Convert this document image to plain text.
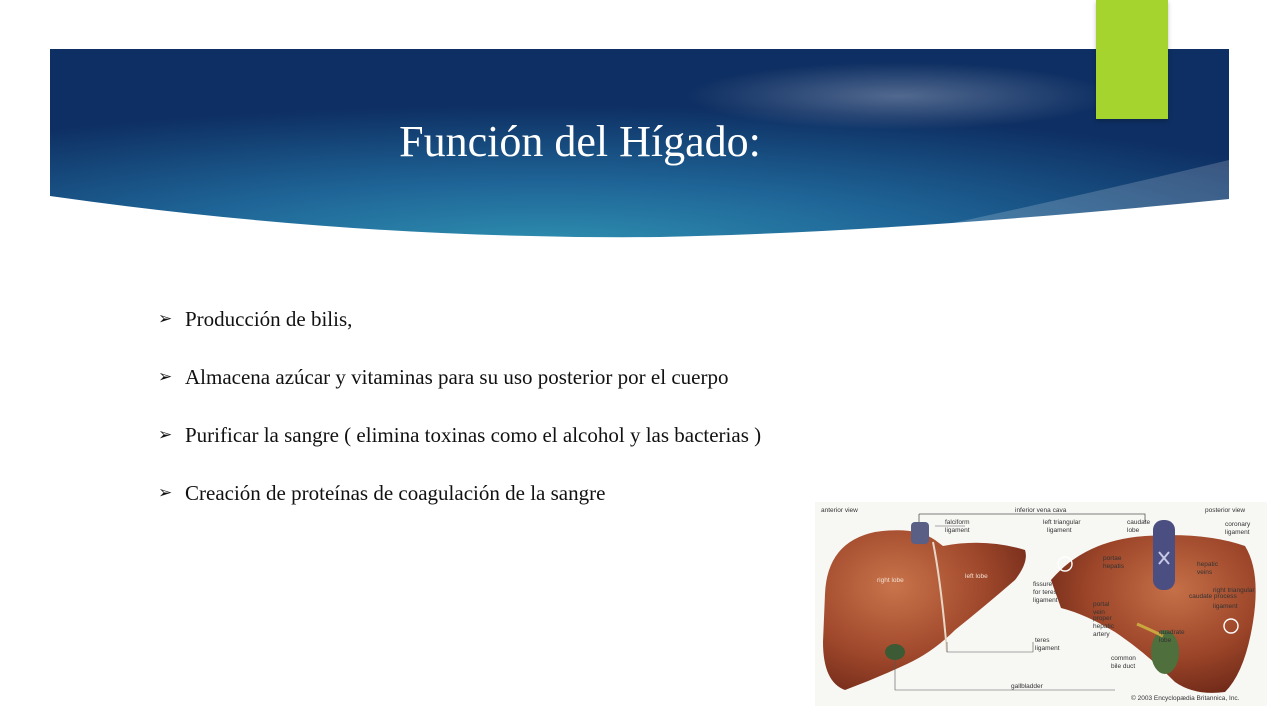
Función del Hígado:
➢ Producción de bilis,
➢ Almacena azúcar y vitaminas para su uso posterior por el cuerpo
➢ Purificar la sangre ( elimina toxinas como el alcohol y las bacterias )
➢ Creación de proteínas de coagulación de la sangre
anterior view	posterior view
inferior vena cava
falciform
ligament
right lobe
left lobe
left triangular
ligament
caudate
lobe
coronary
ligament
portae
hepatis	hepatic
veins
fissure
for teres
ligament
caudate process
right triangular
ligament
portal
vein
proper
hepatic
artery
teres
ligament
quadrate
lobe
common
bile duct
gallbladder
© 2003 Encyclopædia Britannica, Inc.
